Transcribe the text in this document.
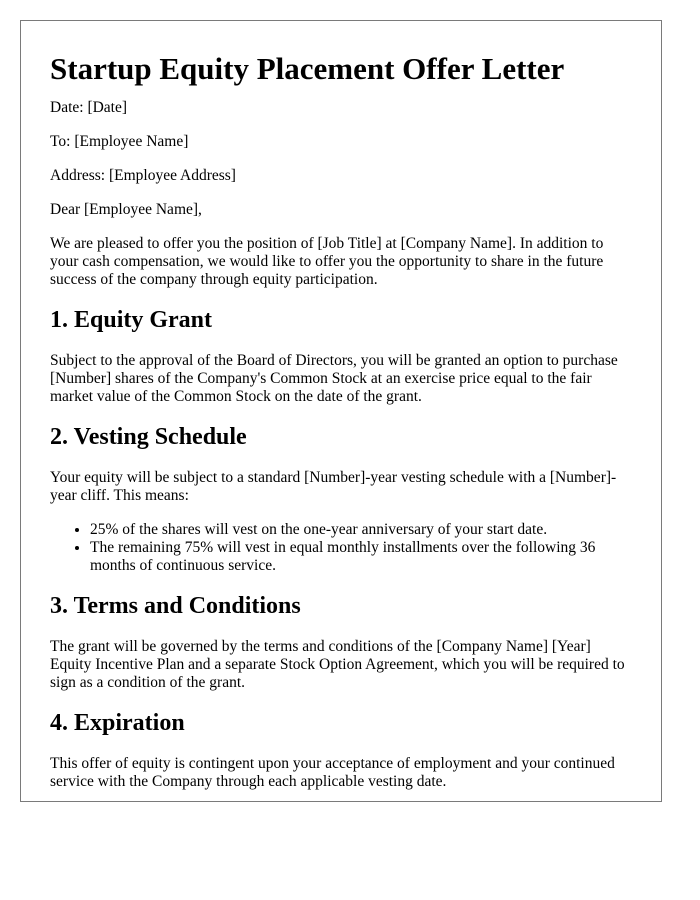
Startup Equity Placement Offer Letter

Date: [Date]

To: [Employee Name]

Address: [Employee Address]

Dear [Employee Name],

We are pleased to offer you the position of [Job Title] at [Company Name]. In addition to your cash compensation, we would like to offer you the opportunity to share in the future success of the company through equity participation.

1. Equity Grant

Subject to the approval of the Board of Directors, you will be granted an option to purchase [Number] shares of the Company's Common Stock at an exercise price equal to the fair market value of the Common Stock on the date of the grant.

2. Vesting Schedule

Your equity will be subject to a standard [Number]-year vesting schedule with a [Number]-year cliff. This means:

• 25% of the shares will vest on the one-year anniversary of your start date.
• The remaining 75% will vest in equal monthly installments over the following 36 months of continuous service.
3. Terms and Conditions

The grant will be governed by the terms and conditions of the [Company Name] [Year] Equity Incentive Plan and a separate Stock Option Agreement, which you will be required to sign as a condition of the grant.

4. Expiration

This offer of equity is contingent upon your acceptance of employment and your continued service with the Company through each applicable vesting date.
